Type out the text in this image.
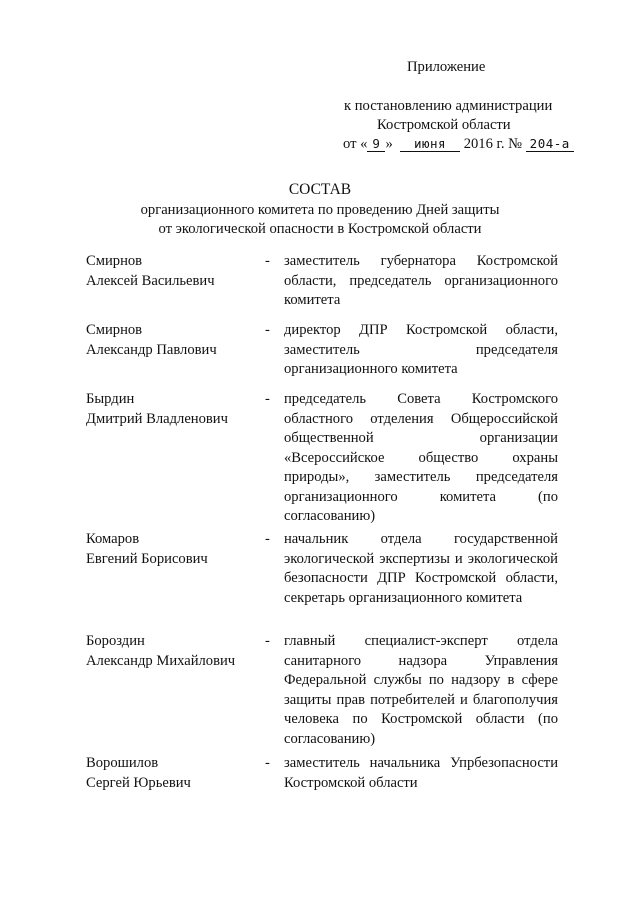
Приложение
к постановлению администрации
Костромской области
от « 9 » июня 2016 г. № 204-а
СОСТАВ
организационного комитета по проведению Дней защиты
от экологической опасности в Костромской области
Смирнов
Алексей Васильевич
- заместитель губернатора Костромской области, председатель организационного комитета
Смирнов
Александр Павлович
- директор ДПР Костромской области, заместитель председателя организационного комитета
Бырдин
Дмитрий Владленович
- председатель Совета Костромского областного отделения Общероссийской общественной организации «Всероссийское общество охраны природы», заместитель председателя организационного комитета (по согласованию)
Комаров
Евгений Борисович
- начальник отдела государственной экологической экспертизы и экологической безопасности ДПР Костромской области, секретарь организационного комитета
Бороздин
Александр Михайлович
- главный специалист-эксперт отдела санитарного надзора Управления Федеральной службы по надзору в сфере защиты прав потребителей и благополучия человека по Костромской области (по согласованию)
Ворошилов
Сергей Юрьевич
- заместитель начальника Упрбезопасности Костромской области
